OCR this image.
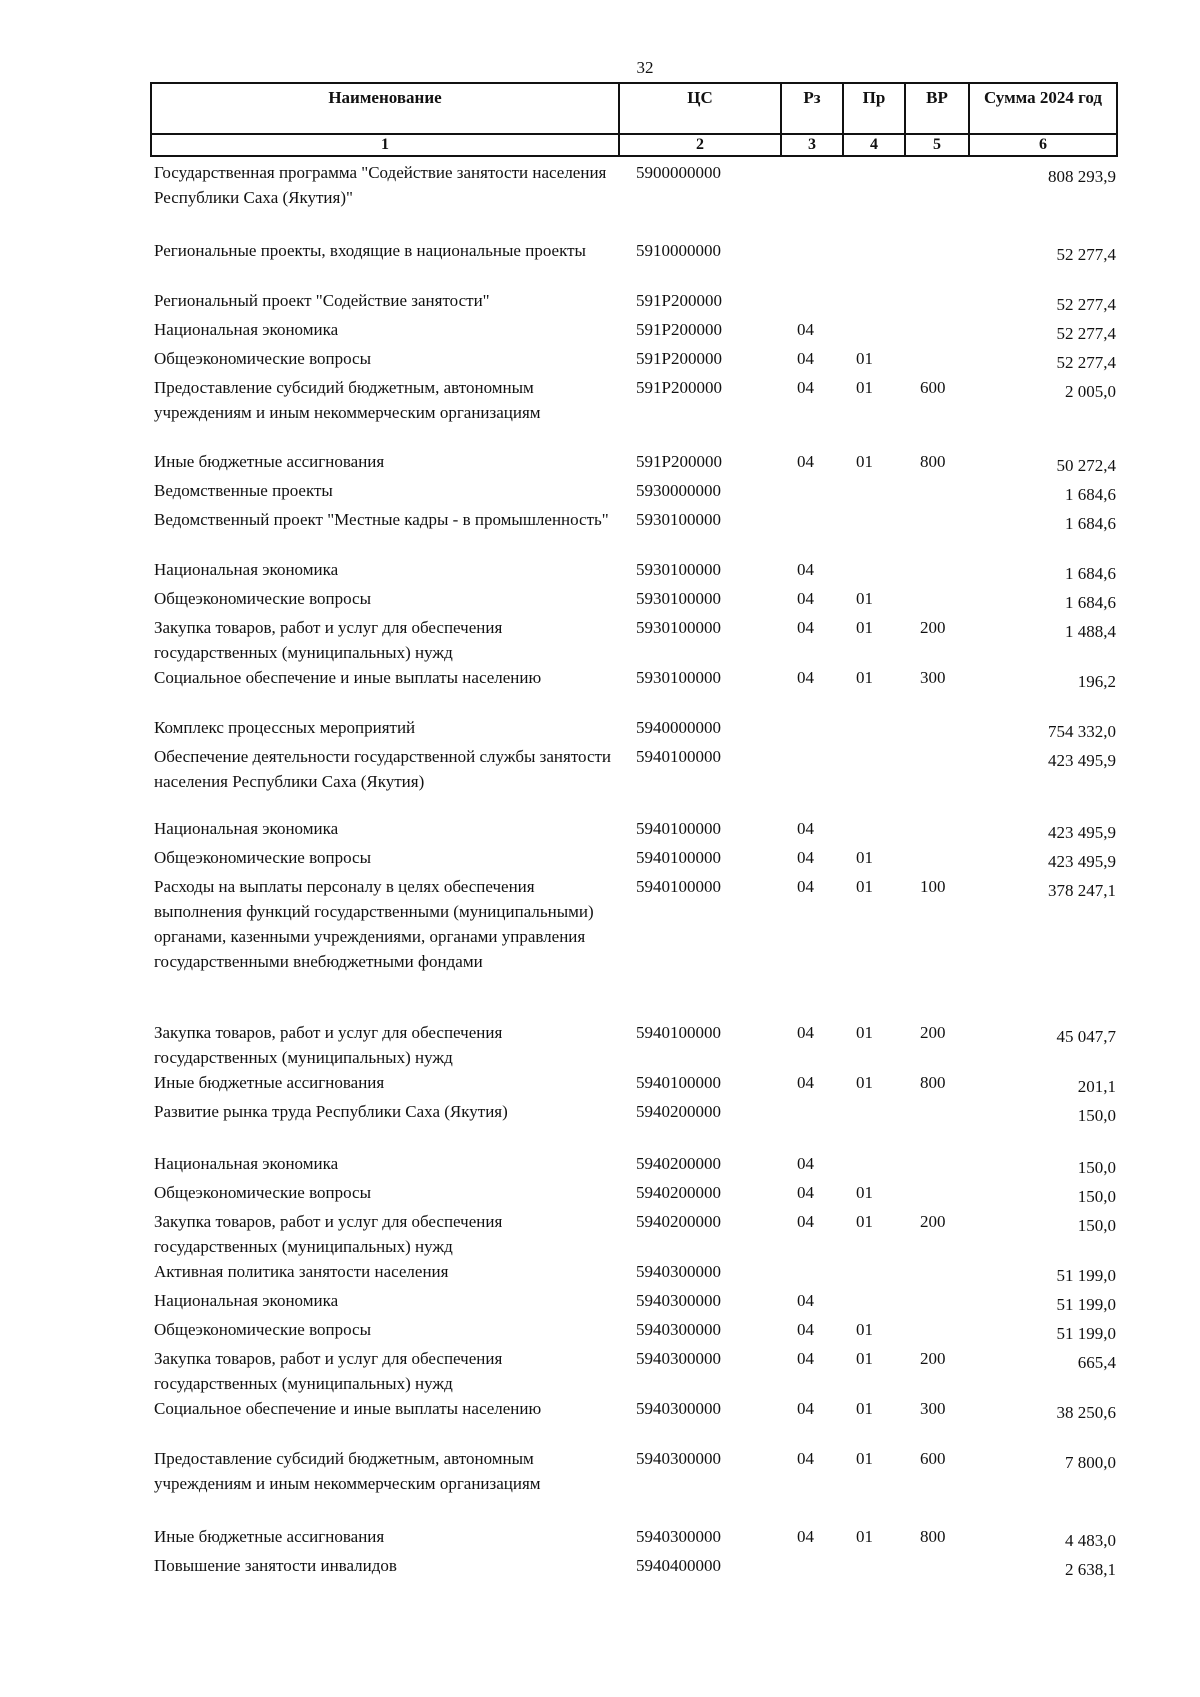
32
Наименование	ЦС	Рз	Пр	ВР	Сумма 2024 год
1	2	3	4	5	6
Государственная программа "Содействие занятости населения Республики Саха (Якутия)"	5900000000				808 293,9
Региональные проекты, входящие в национальные проекты	5910000000				52 277,4
Региональный проект "Содействие занятости"	591Р200000				52 277,4
Национальная экономика	591Р200000	04			52 277,4
Общеэкономические вопросы	591Р200000	04	01		52 277,4
Предоставление субсидий бюджетным, автономным учреждениям и иным некоммерческим организациям	591Р200000	04	01	600	2 005,0
Иные бюджетные ассигнования	591Р200000	04	01	800	50 272,4
Ведомственные проекты	5930000000				1 684,6
Ведомственный проект "Местные кадры - в промышленность"	5930100000				1 684,6
Национальная экономика	5930100000	04			1 684,6
Общеэкономические вопросы	5930100000	04	01		1 684,6
Закупка товаров, работ и услуг для обеспечения государственных (муниципальных) нужд	5930100000	04	01	200	1 488,4
Социальное обеспечение и иные выплаты населению	5930100000	04	01	300	196,2
Комплекс процессных мероприятий	5940000000				754 332,0
Обеспечение деятельности государственной службы занятости населения Республики Саха (Якутия)	5940100000				423 495,9
Национальная экономика	5940100000	04			423 495,9
Общеэкономические вопросы	5940100000	04	01		423 495,9
Расходы на выплаты персоналу в целях обеспечения выполнения функций государственными (муниципальными) органами, казенными учреждениями, органами управления государственными внебюджетными фондами	5940100000	04	01	100	378 247,1
Закупка товаров, работ и услуг для обеспечения государственных (муниципальных) нужд	5940100000	04	01	200	45 047,7
Иные бюджетные ассигнования	5940100000	04	01	800	201,1
Развитие рынка труда Республики Саха (Якутия)	5940200000				150,0
Национальная экономика	5940200000	04			150,0
Общеэкономические вопросы	5940200000	04	01		150,0
Закупка товаров, работ и услуг для обеспечения государственных (муниципальных) нужд	5940200000	04	01	200	150,0
Активная политика занятости населения	5940300000				51 199,0
Национальная экономика	5940300000	04			51 199,0
Общеэкономические вопросы	5940300000	04	01		51 199,0
Закупка товаров, работ и услуг для обеспечения государственных (муниципальных) нужд	5940300000	04	01	200	665,4
Социальное обеспечение и иные выплаты населению	5940300000	04	01	300	38 250,6
Предоставление субсидий бюджетным, автономным учреждениям и иным некоммерческим организациям	5940300000	04	01	600	7 800,0
Иные бюджетные ассигнования	5940300000	04	01	800	4 483,0
Повышение занятости инвалидов	5940400000				2 638,1
